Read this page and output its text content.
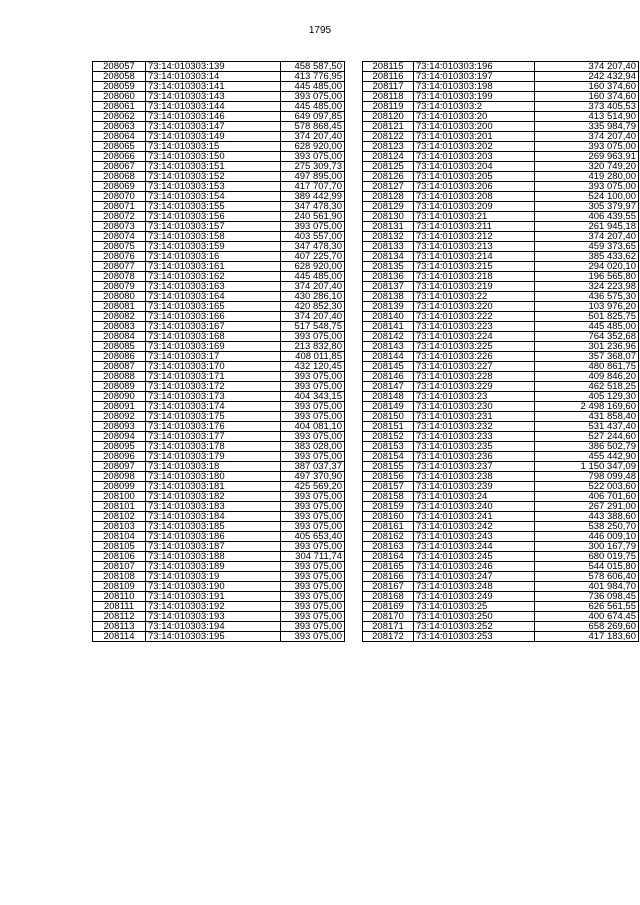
1795
208057	73:14:010303:139	458 587,50
208058	73:14:010303:14	413 776,95
208059	73:14:010303:141	445 485,00
208060	73:14:010303:143	393 075,00
208061	73:14:010303:144	445 485,00
208062	73:14:010303:146	649 097,85
208063	73:14:010303:147	578 868,45
208064	73:14:010303:149	374 207,40
208065	73:14:010303:15	628 920,00
208066	73:14:010303:150	393 075,00
208067	73:14:010303:151	275 309,73
208068	73:14:010303:152	497 895,00
208069	73:14:010303:153	417 707,70
208070	73:14:010303:154	389 442,99
208071	73:14:010303:155	347 478,30
208072	73:14:010303:156	240 561,90
208073	73:14:010303:157	393 075,00
208074	73:14:010303:158	403 557,00
208075	73:14:010303:159	347 478,30
208076	73:14:010303:16	407 225,70
208077	73:14:010303:161	628 920,00
208078	73:14:010303:162	445 485,00
208079	73:14:010303:163	374 207,40
208080	73:14:010303:164	430 286,10
208081	73:14:010303:165	420 852,30
208082	73:14:010303:166	374 207,40
208083	73:14:010303:167	517 548,75
208084	73:14:010303:168	393 075,00
208085	73:14:010303:169	213 832,80
208086	73:14:010303:17	408 011,85
208087	73:14:010303:170	432 120,45
208088	73:14:010303:171	393 075,00
208089	73:14:010303:172	393 075,00
208090	73:14:010303:173	404 343,15
208091	73:14:010303:174	393 075,00
208092	73:14:010303:175	393 075,00
208093	73:14:010303:176	404 081,10
208094	73:14:010303:177	393 075,00
208095	73:14:010303:178	383 028,00
208096	73:14:010303:179	393 075,00
208097	73:14:010303:18	387 037,37
208098	73:14:010303:180	497 370,90
208099	73:14:010303:181	425 569,20
208100	73:14:010303:182	393 075,00
208101	73:14:010303:183	393 075,00
208102	73:14:010303:184	393 075,00
208103	73:14:010303:185	393 075,00
208104	73:14:010303:186	405 653,40
208105	73:14:010303:187	393 075,00
208106	73:14:010303:188	304 711,74
208107	73:14:010303:189	393 075,00
208108	73:14:010303:19	393 075,00
208109	73:14:010303:190	393 075,00
208110	73:14:010303:191	393 075,00
208111	73:14:010303:192	393 075,00
208112	73:14:010303:193	393 075,00
208113	73:14:010303:194	393 075,00
208114	73:14:010303:195	393 075,00
208115	73:14:010303:196	374 207,40
208116	73:14:010303:197	242 432,94
208117	73:14:010303:198	160 374,60
208118	73:14:010303:199	160 374,60
208119	73:14:010303:2	373 405,53
208120	73:14:010303:20	413 514,90
208121	73:14:010303:200	335 984,79
208122	73:14:010303:201	374 207,40
208123	73:14:010303:202	393 075,00
208124	73:14:010303:203	269 963,91
208125	73:14:010303:204	320 749,20
208126	73:14:010303:205	419 280,00
208127	73:14:010303:206	393 075,00
208128	73:14:010303:208	524 100,00
208129	73:14:010303:209	305 379,97
208130	73:14:010303:21	406 439,55
208131	73:14:010303:211	261 945,18
208132	73:14:010303:212	374 207,40
208133	73:14:010303:213	459 373,65
208134	73:14:010303:214	385 433,62
208135	73:14:010303:215	294 020,10
208136	73:14:010303:218	196 565,80
208137	73:14:010303:219	324 223,98
208138	73:14:010303:22	436 575,30
208139	73:14:010303:220	103 976,20
208140	73:14:010303:222	501 825,75
208141	73:14:010303:223	445 485,00
208142	73:14:010303:224	764 352,68
208143	73:14:010303:225	301 236,96
208144	73:14:010303:226	357 368,07
208145	73:14:010303:227	480 861,75
208146	73:14:010303:228	409 846,20
208147	73:14:010303:229	462 518,25
208148	73:14:010303:23	405 129,30
208149	73:14:010303:230	2 498 169,60
208150	73:14:010303:231	431 858,40
208151	73:14:010303:232	531 437,40
208152	73:14:010303:233	527 244,60
208153	73:14:010303:235	386 502,79
208154	73:14:010303:236	455 442,90
208155	73:14:010303:237	1 150 347,09
208156	73:14:010303:238	798 099,48
208157	73:14:010303:239	522 003,60
208158	73:14:010303:24	406 701,60
208159	73:14:010303:240	267 291,00
208160	73:14:010303:241	443 388,60
208161	73:14:010303:242	538 250,70
208162	73:14:010303:243	446 009,10
208163	73:14:010303:244	300 167,79
208164	73:14:010303:245	680 019,75
208165	73:14:010303:246	544 015,80
208166	73:14:010303:247	578 606,40
208167	73:14:010303:248	401 984,70
208168	73:14:010303:249	736 098,45
208169	73:14:010303:25	626 561,55
208170	73:14:010303:250	400 674,45
208171	73:14:010303:252	658 269,60
208172	73:14:010303:253	417 183,60
